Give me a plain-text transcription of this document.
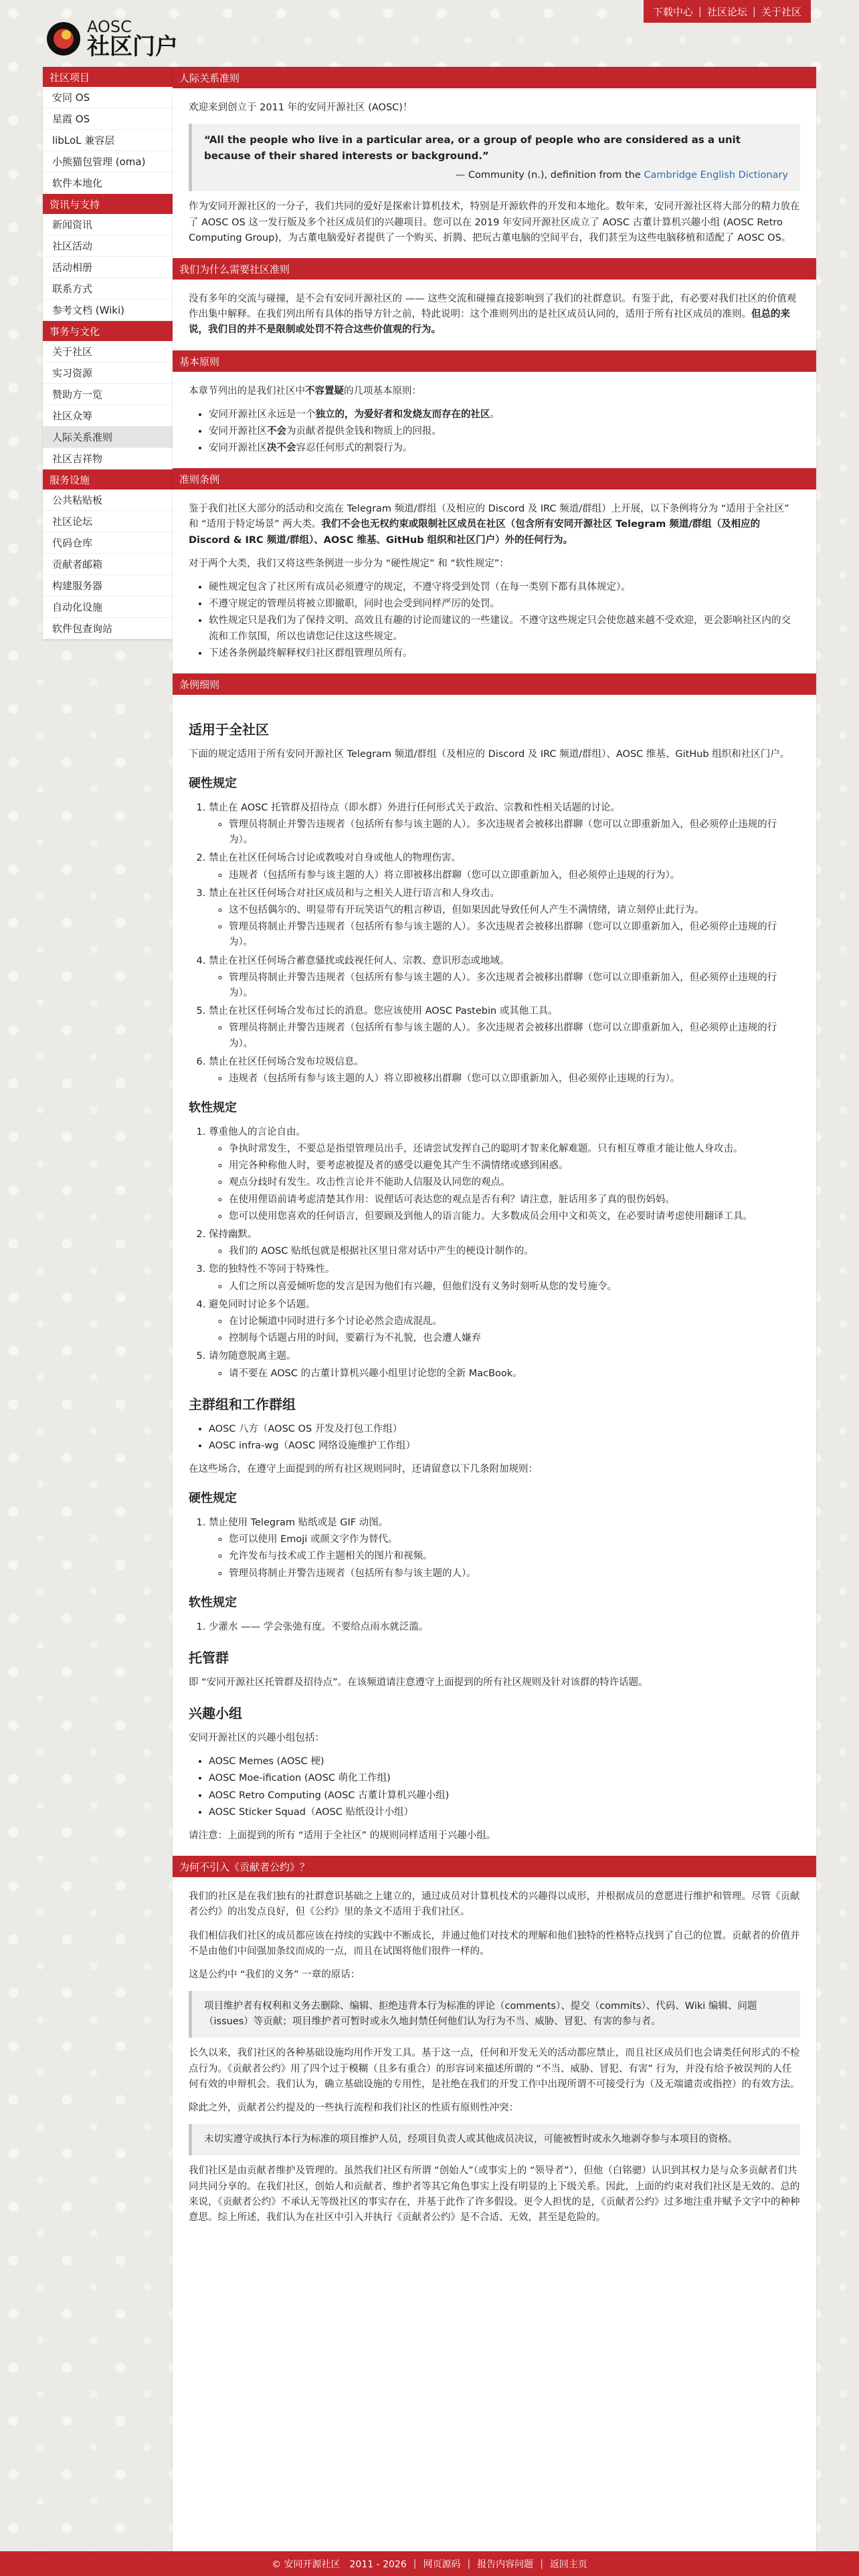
下载中心 | 社区论坛 | 关于社区
AOSC
社区门户
社区项目
安同 OS
星霞 OS
libLoL 兼容层
小熊猫包管理 (oma)
软件本地化
资讯与支持
新闻资讯
社区活动
活动相册
联系方式
参考文档 (Wiki)
事务与文化
关于社区
实习资源
赞助方一览
社区众筹
人际关系准则
社区吉祥物
服务设施
公共粘贴板
社区论坛
代码仓库
贡献者邮箱
构建服务器
自动化设施
软件包查询站
人际关系准则

欢迎来到创立于 2011 年的安同开源社区 (AOSC)！

“All the people who live in a particular area, or a group of people who are considered as a unit because of their shared interests or background.”
— Community (n.), definition from the Cambridge English Dictionary

作为安同开源社区的一分子，我们共同的爱好是探索计算机技术，特别是开源软件的开发和本地化。数年来，安同开源社区将大部分的精力放在了 AOSC OS 这一发行版及多个社区成员们的兴趣项目。您可以在 2019 年安同开源社区成立了 AOSC 古董计算机兴趣小组 (AOSC Retro Computing Group)，为古董电脑爱好者提供了一个购买、折腾、把玩古董电脑的空间平台，我们甚至为这些电脑移植和适配了 AOSC OS。

我们为什么需要社区准则

没有多年的交流与碰撞，是不会有安同开源社区的 —— 这些交流和碰撞直接影响到了我们的社群意识。有鉴于此，有必要对我们社区的价值观作出集中解释。在我们列出所有具体的指导方针之前，特此说明：这个准则列出的是社区成员认同的，适用于所有社区成员的准则。但总的来说，我们目的并不是限制或处罚不符合这些价值观的行为。

基本原则

本章节列出的是我们社区中不容置疑的几项基本原则：

• 安同开源社区永远是一个独立的，为爱好者和发烧友而存在的社区。
• 安同开源社区不会为贡献者提供金钱和物质上的回报。
• 安同开源社区决不会容忍任何形式的割裂行为。
准则条例

鉴于我们社区大部分的活动和交流在 Telegram 频道/群组（及相应的 Discord 及 IRC 频道/群组）上开展，以下条例将分为 “适用于全社区” 和 “适用于特定场景” 两大类。我们不会也无权约束或限制社区成员在社区（包含所有安同开源社区 Telegram 频道/群组（及相应的 Discord & IRC 频道/群组）、AOSC 维基、GitHub 组织和社区门户）外的任何行为。

对于两个大类，我们又将这些条例进一步分为 “硬性规定” 和 “软性规定”：

• 硬性规定包含了社区所有成员必须遵守的规定，不遵守将受到处罚（在每一类别下都有具体规定）。
• 不遵守规定的管理员将被立即撤职，同时也会受到同样严厉的处罚。
• 软性规定只是我们为了保持文明、高效且有趣的讨论而建议的一些建议。不遵守这些规定只会使您越来越不受欢迎，更会影响社区内的交流和工作氛围，所以也请您记住这这些规定。
• 下述各条例最终解释权归社区群组管理员所有。
条例细则
适用于全社区

下面的规定适用于所有安同开源社区 Telegram 频道/群组（及相应的 Discord 及 IRC 频道/群组）、AOSC 维基、GitHub 组织和社区门户。

硬性规定
1. 禁止在 AOSC 托管群及招待点（即水群）外进行任何形式关于政治、宗教和性相关话题的讨论。
◦ 管理员将制止并警告违规者（包括所有参与该主题的人）。多次违规者会被移出群聊（您可以立即重新加入，但必须停止违规的行为）。
2. 禁止在社区任何场合讨论或教唆对自身或他人的物理伤害。
◦ 违规者（包括所有参与该主题的人）将立即被移出群聊（您可以立即重新加入，但必须停止违规的行为）。
3. 禁止在社区任何场合对社区成员和与之相关人进行语言和人身攻击。
◦ 这不包括偶尔的、明显带有开玩笑语气的粗言秽语，但如果因此导致任何人产生不满情绪，请立刻停止此行为。
◦ 管理员将制止并警告违规者（包括所有参与该主题的人）。多次违规者会被移出群聊（您可以立即重新加入，但必须停止违规的行为）。
4. 禁止在社区任何场合蓄意骚扰或歧视任何人、宗教、意识形态或地域。
◦ 管理员将制止并警告违规者（包括所有参与该主题的人）。多次违规者会被移出群聊（您可以立即重新加入，但必须停止违规的行为）。
5. 禁止在社区任何场合发布过长的消息。您应该使用 AOSC Pastebin 或其他工具。
◦ 管理员将制止并警告违规者（包括所有参与该主题的人）。多次违规者会被移出群聊（您可以立即重新加入，但必须停止违规的行为）。
6. 禁止在社区任何场合发布垃圾信息。
◦ 违规者（包括所有参与该主题的人）将立即被移出群聊（您可以立即重新加入，但必须停止违规的行为）。
软性规定
1. 尊重他人的言论自由。
◦ 争执时常发生，不要总是指望管理员出手，还请尝试发挥自己的聪明才智来化解难题。只有相互尊重才能让他人身攻击。
◦ 用完各种称他人时，要考虑被提及者的感受以避免其产生不满情绪或感到困惑。
◦ 观点分歧时有发生。攻击性言论并不能助人信服及认同您的观点。
◦ 在使用俚语前请考虑清楚其作用：说俚话可表达您的观点是否有利？请注意，脏话用多了真的很伤妈妈。
◦ 您可以使用您喜欢的任何语言，但要顾及到他人的语言能力。大多数成员会用中文和英文，在必要时请考虑使用翻译工具。
2. 保持幽默。
◦ 我们的 AOSC 贴纸包就是根据社区里日常对话中产生的梗设计制作的。
3. 您的独特性不等同于特殊性。
◦ 人们之所以喜爱倾听您的发言是因为他们有兴趣，但他们没有义务时刻听从您的发号施令。
4. 避免同时讨论多个话题。
◦ 在讨论频道中同时进行多个讨论必然会造成混乱。
◦ 控制每个话题占用的时间，要霸行为不礼貌，也会遭人嫌弃
5. 请勿随意脱离主题。
◦ 请不要在 AOSC 的古董计算机兴趣小组里讨论您的全新 MacBook。
主群组和工作群组
• AOSC 八方（AOSC OS 开发及打包工作组）
• AOSC infra-wg（AOSC 网络设施维护工作组）

在这些场合，在遵守上面提到的所有社区规则同时，还请留意以下几条附加规则：

硬性规定
1. 禁止使用 Telegram 贴纸或是 GIF 动图。
◦ 您可以使用 Emoji 或颜文字作为替代。
◦ 允许发布与技术或工作主题相关的图片和视频。
◦ 管理员将制止并警告违规者（包括所有参与该主题的人）。
软性规定
1. 少灌水 —— 学会张弛有度。不要给点雨水就泛滥。
托管群

即 “安同开源社区托管群及招待点”。在该频道请注意遵守上面提到的所有社区规则及针对该群的特许话题。

兴趣小组

安同开源社区的兴趣小组包括：

• AOSC Memes (AOSC 梗)
• AOSC Moe-ification (AOSC 萌化工作组)
• AOSC Retro Computing (AOSC 古董计算机兴趣小组)
• AOSC Sticker Squad（AOSC 贴纸设计小组）

请注意：上面提到的所有 “适用于全社区” 的规则同样适用于兴趣小组。

为何不引入《贡献者公约》？

我们的社区是在我们独有的社群意识基础之上建立的，通过成员对计算机技术的兴趣得以成形，并根据成员的意愿进行维护和管理。尽管《贡献者公约》的出发点良好，但《公约》里的条文不适用于我们社区。

我们相信我们社区的成员都应该在持续的实践中不断成长，并通过他们对技术的理解和他们独特的性格特点找到了自己的位置。贡献者的价值并不是由他们中间强加条纹而成的一点，而且在试图将他们很件一样的。

这是公约中 “我们的义务” 一章的原话：

项目维护者有权利和义务去删除、编辑、拒绝违背本行为标准的评论（comments）、提交（commits）、代码、Wiki 编辑、问题（issues）等贡献；项目维护者可暂时或永久地封禁任何他们认为行为不当、威胁、冒犯、有害的参与者。

长久以来，我们社区的各种基础设施均用作开发工具。基于这一点，任何和开发无关的活动都应禁止，而且社区成员们也会请类任何形式的不检点行为。《贡献者公约》用了四个过于模糊（且多有重合）的形容词来描述所谓的 “不当、威胁、冒犯、有害” 行为，并没有给予被误判的人任何有效的申辩机会。我们认为，确立基础设施的专用性，是社绝在我们的开发工作中出现所谓不可接受行为（及无端谴责或指控）的有效方法。

除此之外，贡献者公约提及的一些执行流程和我们社区的性质有原则性冲突：

未切实遵守或执行本行为标准的项目维护人员，经项目负责人或其他成员决议，可能被暂时或永久地剥夺参与本项目的资格。

我们社区是由贡献者维护及管理的。虽然我们社区有所谓 “创始人”（或事实上的 “领导者”），但他（白铭骢）认识到其权力是与众多贡献者们共同共同分享的。在我们社区，创始人和贡献者、维护者等其它角色事实上没有明显的上下级关系。因此，上面的约束对我们社区是无效的。总的来说，《贡献者公约》不承认无等级社区的事实存在，并基于此作了许多假设。更令人担忧的是，《贡献者公约》过多地注重并赋予文字中的种种意思。综上所述，我们认为在社区中引入并执行《贡献者公约》是不合适、无效，甚至是危险的。

© 安同开源社区　2011 - 2026 | 网页源码 | 报告内容问题 | 返回主页
